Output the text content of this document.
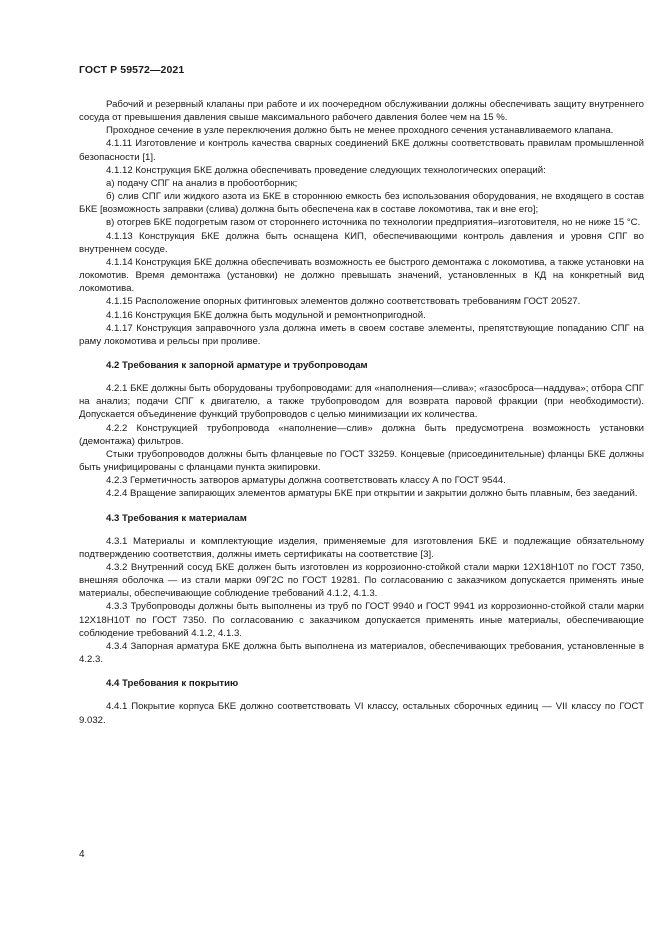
ГОСТ Р 59572—2021

Рабочий и резервный клапаны при работе и их поочередном обслуживании должны обеспечивать защиту внутреннего сосуда от превышения давления свыше максимального рабочего давления более чем на 15 %.

Проходное сечение в узле переключения должно быть не менее проходного сечения устанавливаемого клапана.

4.1.11 Изготовление и контроль качества сварных соединений БКЕ должны соответствовать правилам промышленной безопасности [1].

4.1.12 Конструкция БКЕ должна обеспечивать проведение следующих технологических операций:

а) подачу СПГ на анализ в пробоотборник;

б) слив СПГ или жидкого азота из БКЕ в стороннюю емкость без использования оборудования, не входящего в состав БКЕ [возможность заправки (слива) должна быть обеспечена как в составе локомотива, так и вне его];

в) отогрев БКЕ подогретым газом от стороннего источника по технологии предприятия–изготовителя, но не ниже 15 °С.

4.1.13 Конструкция БКЕ должна быть оснащена КИП, обеспечивающими контроль давления и уровня СПГ во внутреннем сосуде.

4.1.14 Конструкция БКЕ должна обеспечивать возможность ее быстрого демонтажа с локомотива, а также установки на локомотив. Время демонтажа (установки) не должно превышать значений, установленных в КД на конкретный вид локомотива.

4.1.15 Расположение опорных фитинговых элементов должно соответствовать требованиям ГОСТ 20527.

4.1.16 Конструкция БКЕ должна быть модульной и ремонтнопригодной.

4.1.17 Конструкция заправочного узла должна иметь в своем составе элементы, препятствующие попаданию СПГ на раму локомотива и рельсы при проливе.

4.2 Требования к запорной арматуре и трубопроводам

4.2.1 БКЕ должны быть оборудованы трубопроводами: для «наполнения—слива»; «газосброса—наддува»; отбора СПГ на анализ; подачи СПГ к двигателю, а также трубопроводом для возврата паровой фракции (при необходимости). Допускается объединение функций трубопроводов с целью минимизации их количества.

4.2.2 Конструкцией трубопровода «наполнение—слив» должна быть предусмотрена возможность установки (демонтажа) фильтров.

Стыки трубопроводов должны быть фланцевые по ГОСТ 33259. Концевые (присоединительные) фланцы БКЕ должны быть унифицированы с фланцами пункта экипировки.

4.2.3 Герметичность затворов арматуры должна соответствовать классу А по ГОСТ 9544.

4.2.4 Вращение запирающих элементов арматуры БКЕ при открытии и закрытии должно быть плавным, без заеданий.

4.3 Требования к материалам

4.3.1 Материалы и комплектующие изделия, применяемые для изготовления БКЕ и подлежащие обязательному подтверждению соответствия, должны иметь сертификаты на соответствие [3].

4.3.2 Внутренний сосуд БКЕ должен быть изготовлен из коррозионно-стойкой стали марки 12Х18Н10Т по ГОСТ 7350, внешняя оболочка — из стали марки 09Г2С по ГОСТ 19281. По согласованию с заказчиком допускается применять иные материалы, обеспечивающие соблюдение требований 4.1.2, 4.1.3.

4.3.3 Трубопроводы должны быть выполнены из труб по ГОСТ 9940 и ГОСТ 9941 из коррозионно-стойкой стали марки 12Х18Н10Т по ГОСТ 7350. По согласованию с заказчиком допускается применять иные материалы, обеспечивающие соблюдение требований 4.1.2, 4.1.3.

4.3.4 Запорная арматура БКЕ должна быть выполнена из материалов, обеспечивающих требования, установленные в 4.2.3.

4.4 Требования к покрытию

4.4.1 Покрытие корпуса БКЕ должно соответствовать VI классу, остальных сборочных единиц — VII классу по ГОСТ 9.032.

4
